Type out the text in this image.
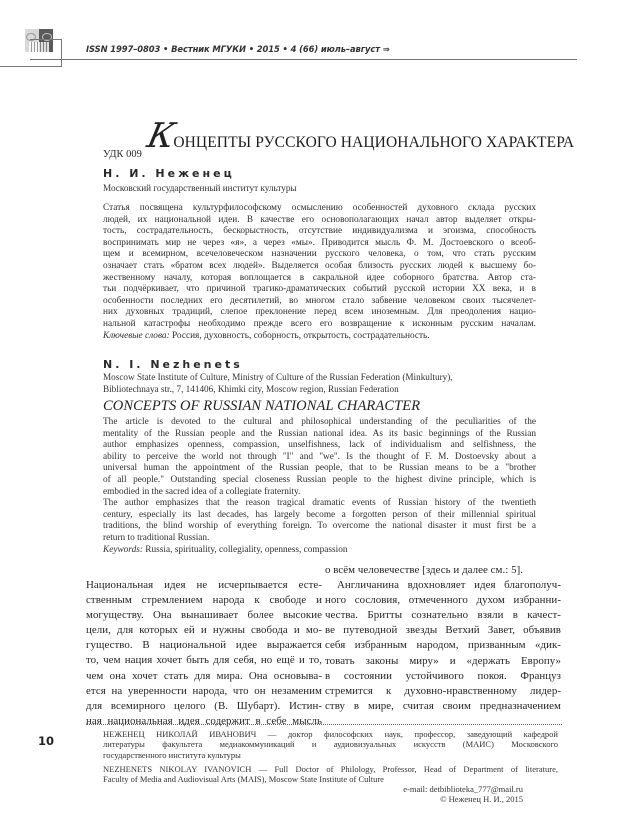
ISSN 1997–0803 • Вестник МГУКИ • 2015 • 4 (66) июль–август ⇒
КОНЦЕПТЫ РУССКОГО НАЦИОНАЛЬНОГО ХАРАКТЕРА
УДК 009
Н. И. Неженец
Московский государственный институт культуры
Статья посвящена культурфилософскому осмыслению особенностей духовного склада русских
людей, их национальной идеи. В качестве его основополагающих начал автор выделяет откры-
тость, сострадательность, бескорыстность, отсутствие индивидуализма и эгоизма, способность
воспринимать мир не через «я», а через «мы». Приводится мысль Ф. М. Достоевского о всеоб-
щем и всемирном, всечеловеческом назначении русского человека, о том, что стать русским
означает стать «братом всех людей». Выделяется особая близость русских людей к высшему бо-
жественному началу, которая воплощается в сакральной идее соборного братства. Автор ста-
тьи подчёркивает, что причиной трагико-драматических событий русской истории XX века, и в
особенности последних его десятилетий, во многом стало забвение человеком своих тысячелет-
них духовных традиций, слепое преклонение перед всем иноземным. Для преодоления нацио-
нальной катастрофы необходимо прежде всего его возвращение к исконным русским началам.
Ключевые слова: Россия, духовность, соборность, открытость, сострадательность.
N. I. Nezhenets
Moscow State Institute of Culture, Ministry of Culture of the Russian Federation (Minkultury),
Bibliotechnaya str., 7, 141406, Khimki city, Moscow region, Russian Federation
CONCEPTS OF RUSSIAN NATIONAL CHARACTER
The article is devoted to the cultural and philosophical understanding of the peculiarities of the
mentality of the Russian people and the Russian national idea. As its basic beginnings of the Russian
author emphasizes openness, compassion, unselfishness, lack of individualism and selfishness, the
ability to perceive the world not through "I" and "we". Is the thought of F. M. Dostoevsky about a
universal human the appointment of the Russian people, that to be Russian means to be a "brother
of all people." Outstanding special closeness Russian people to the highest divine principle, which is
embodied in the sacred idea of a collegiate fraternity.
The author emphasizes that the reason tragical dramatic events of Russian history of the twentieth
century, especially its last decades, has largely become a forgotten person of their millennial spiritual
traditions, the blind worship of everything foreign. To overcome the national disaster it must first be a
return to traditional Russian.
Keywords: Russia, spirituality, collegiality, openness, compassion
Национальная идея не исчерпывается есте-
ственным стремлением народа к свободе и
могуществу. Она вынашивает более высокие
цели, для которых ей и нужны свобода и мо-
гущество. В национальной идее выражается
то, чем нация хочет быть для себя, но ещё и то,
чем она хочет стать для мира. Она основыва-
ется на уверенности народа, что он незаменим
для всемирного целого (В. Шубарт). Истин-
ная национальная идея содержит в себе мысль
о всём человечестве [здесь и далее см.: 5].
Англичанина вдохновляет идея благополуч-
ного сословия, отмеченного духом избранни-
чества. Бритты сознательно взяли в качест-
ве путеводной звезды Ветхий Завет, объявив
себя избранным народом, призванным «дик-
товать законы миру» и «держать Европу»
в состоянии устойчивого покоя. Француз
стремится к духовно-нравственному лидер-
ству в мире, считая своим предназначением
10	НЕЖЕНЕЦ НИКОЛАЙ ИВАНОВИЧ — доктор философских наук, профессор, заведующий кафедрой
литературы факультета медиакоммуникаций и аудиовизуальных искусств (МАИС) Московского
государственного института культуры
NEZHENETS NIKOLAY IVANOVICH — Full Doctor of Philology, Professor, Head of Department of literature,
Faculty of Media and Audiovisual Arts (MAIS), Moscow State Institute of Culture
e-mail: detbiblioteka_777@mail.ru
© Неженец Н. И., 2015
